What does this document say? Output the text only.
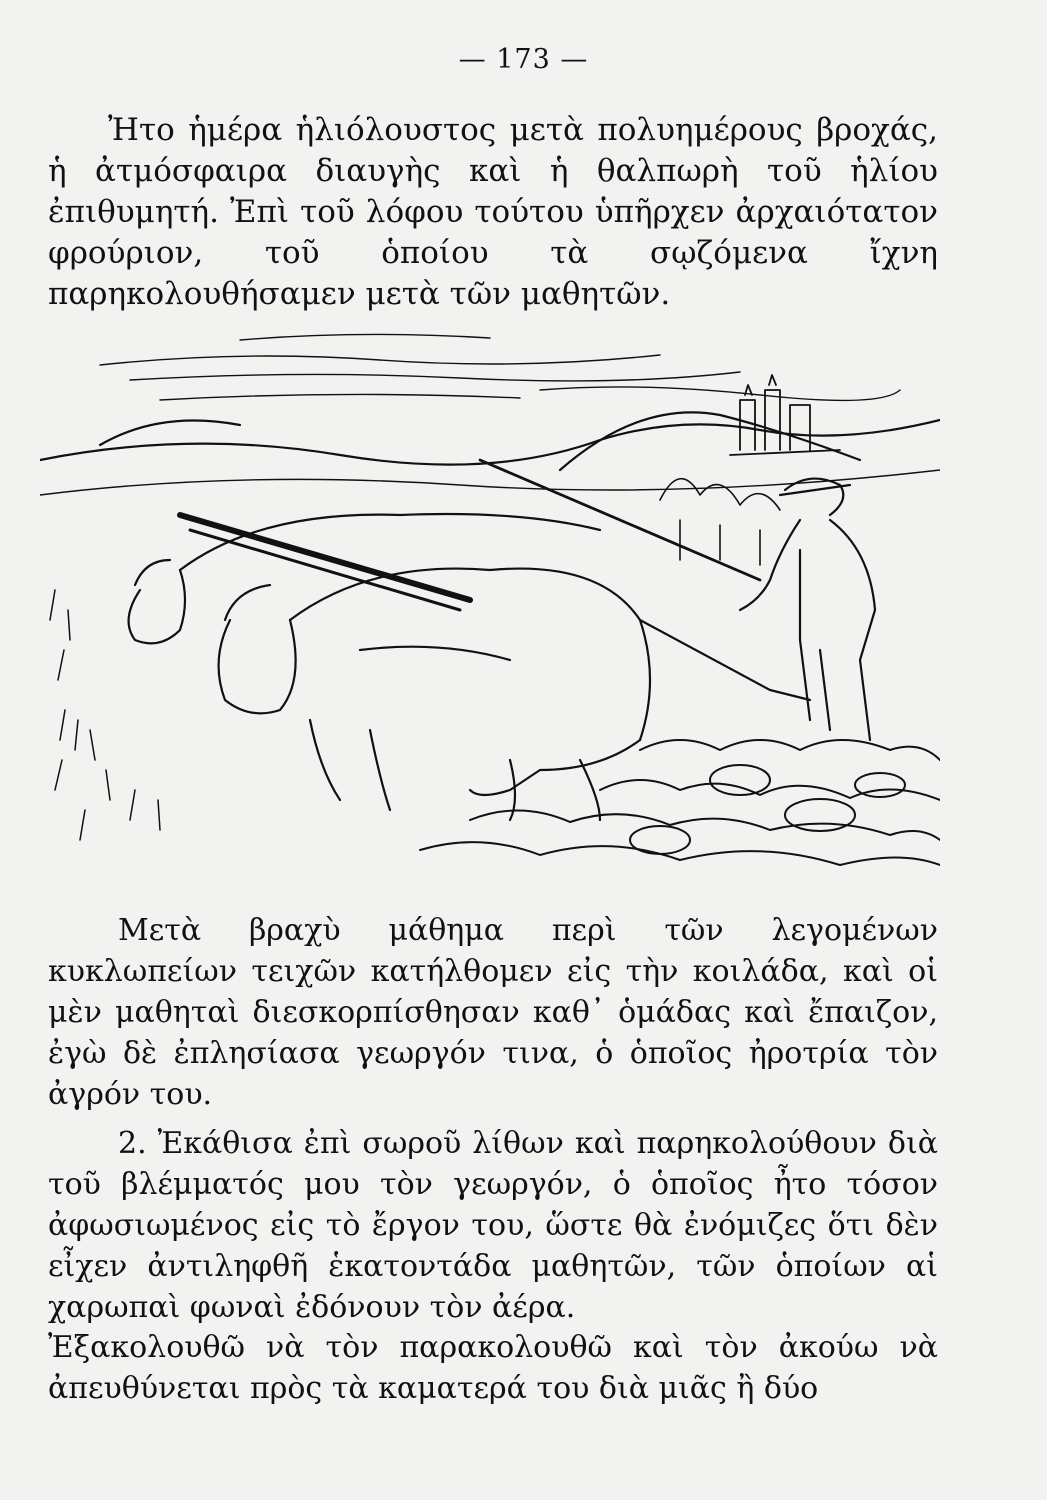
— 173 —

Ἠτο ἡμέρα ἡλιόλουστος μετὰ πολυημέρους βροχάς, ἡ ἀτμόσφαιρα διαυγὴς καὶ ἡ θαλπωρὴ τοῦ ἡλίου ἐπιθυμητή. Ἐπὶ τοῦ λόφου τούτου ὑπῆρχεν ἀρχαιότατον φρούριον, τοῦ ὁποίου τὰ σῳζόμενα ἴχνη παρηκολουθήσαμεν μετὰ τῶν μαθητῶν.

Μετὰ βραχὺ μάθημα περὶ τῶν λεγομένων κυκλωπείων τειχῶν κατήλθομεν εἰς τὴν κοιλάδα, καὶ οἱ μὲν μαθηταὶ διεσκορπίσθησαν καθ᾽ ὁμάδας καὶ ἔπαιζον, ἐγὼ δὲ ἐπλησίασα γεωργόν τινα, ὁ ὁποῖος ἠροτρία τὸν ἀγρόν του.

2. Ἐκάθισα ἐπὶ σωροῦ λίθων καὶ παρηκολούθουν διὰ τοῦ βλέμματός μου τὸν γεωργόν, ὁ ὁποῖος ἦτο τόσον ἀφωσιωμένος εἰς τὸ ἔργον του, ὥστε θὰ ἐνόμιζες ὅτι δὲν εἶχεν ἀντιληφθῆ ἑκατοντάδα μαθητῶν, τῶν ὁποίων αἱ χαρωπαὶ φωναὶ ἐδόνουν τὸν ἀέρα.

Ἐξακολουθῶ νὰ τὸν παρακολουθῶ καὶ τὸν ἀκούω νὰ ἀπευθύνεται πρὸς τὰ καματερά του διὰ μιᾶς ἢ δύο
